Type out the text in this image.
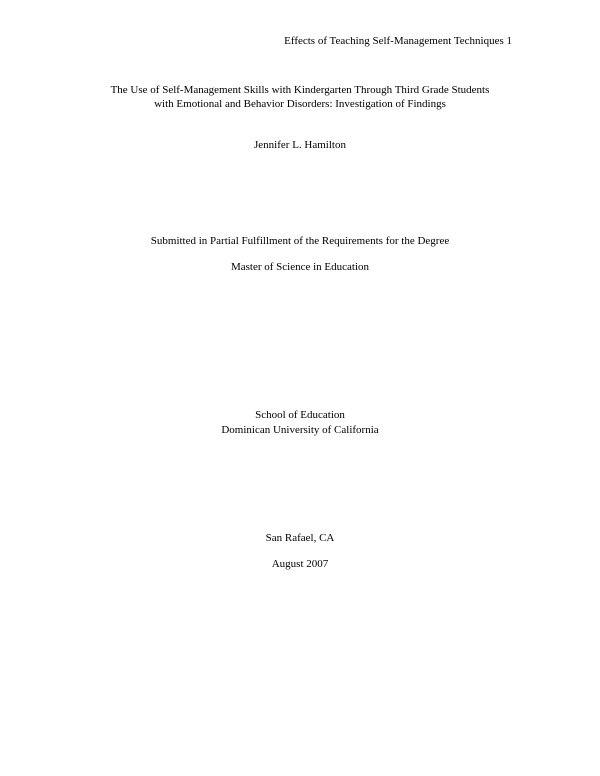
Effects of Teaching Self-Management Techniques 1
The Use of Self-Management Skills with Kindergarten Through Third Grade Students
with Emotional and Behavior Disorders: Investigation of Findings
Jennifer L. Hamilton
Submitted in Partial Fulfillment of the Requirements for the Degree
Master of Science in Education
School of Education
Dominican University of California
San Rafael, CA
August 2007
